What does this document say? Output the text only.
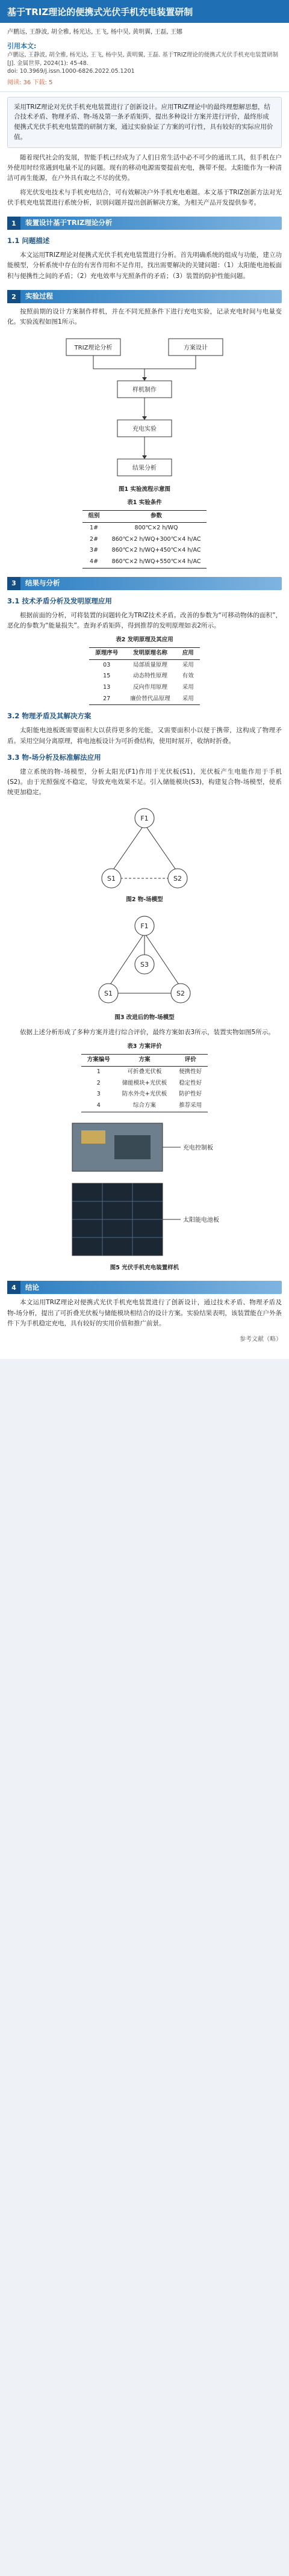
基于TRIZ理论的便携式光伏手机充电装置研制
卢鹏远, 王静波, 胡全雅, 杨光达, 王飞, 杨中昊, 黄明翼, 王磊, 王娜
引用本文:
卢鹏远, 王静波, 胡全雅, 杨光达, 王飞, 杨中昊, 黄明翼, 王磊. 基于TRIZ理论的便携式光伏手机充电装置研制[J]. 金属世界, 2024(1): 45-48.
doi: 10.3969/j.issn.1000-6826.2022.05.1201
阅读: 36 下载: 5
采用TRIZ理论对光伏手机充电装置进行了创新设计。应用TRIZ理论中的最终理想解思想，结合技术矛盾、物理矛盾、物-场及第一条矛盾矩阵，提出多种设计方案并进行评价，最终形成便携式光伏手机充电装置的研制方案，通过实验验证了方案的可行性，具有较好的实际应用价值。

随着现代社会的发展，智能手机已经成为了人们日常生活中必不可少的通讯工具，但手机在户外使用时经常遇到电量不足的问题。现有的移动电源需要提前充电，携带不便。太阳能作为一种清洁可再生能源，在户外具有取之不尽的优势。

将光伏发电技术与手机充电结合，可有效解决户外手机充电难题。本文基于TRIZ创新方法对光伏手机充电装置进行系统分析，识别问题并提出创新解决方案，为相关产品开发提供参考。

1	装置设计基于TRIZ理论分析
1.1 问题描述

本文运用TRIZ理论对便携式光伏手机充电装置进行分析。首先明确系统的组成与功能，建立功能模型，分析系统中存在的有害作用和不足作用，找出需要解决的关键问题：（1）太阳能电池板面积与便携性之间的矛盾；（2）充电效率与光照条件的矛盾；（3）装置的防护性能问题。

2	实验过程

按照前期的设计方案制作样机，并在不同光照条件下进行充电实验，记录充电时间与电量变化。实验流程如图1所示。

TRIZ理论分析	方案设计
样机制作
充电实验
结果分析
图1 实验流程示意图
表1 实验条件
组别	参数
1#	800℃×2 h/WQ
2#	860℃×2 h/WQ+300℃×4 h/AC
3#	860℃×2 h/WQ+450℃×4 h/AC
4#	860℃×2 h/WQ+550℃×4 h/AC
3	结果与分析
3.1 技术矛盾分析及发明原理应用

根据前面的分析，可将装置的问题转化为TRIZ技术矛盾。改善的参数为“可移动物体的面积”，恶化的参数为“能量损失”。查询矛盾矩阵，得到推荐的发明原理如表2所示。

表2 发明原理及其应用
原理序号	发明原理名称	应用
03	局部质量原理	采用
15	动态特性原理	有效
13	反向作用原理	采用
27	廉价替代品原理	采用
3.2 物理矛盾及其解决方案

太阳能电池板既需要面积大以获得更多的光能，又需要面积小以便于携带，这构成了物理矛盾。采用空间分离原理，将电池板设计为可折叠结构，使用时展开，收纳时折叠。

3.3 物-场分析及标准解法应用

建立系统的物-场模型，分析太阳光(F1)作用于光伏板(S1)，光伏板产生电能作用于手机(S2)。由于光照强度不稳定，导致充电效果不足。引入储能模块(S3)，构建复合物-场模型，使系统更加稳定。

F1
S1	S2
图2 物-场模型
F1
S1
S3
S2
图3 改进后的物-场模型

依据上述分析形成了多种方案并进行综合评价，最终方案如表3所示，装置实物如图5所示。

表3 方案评价
方案编号	方案	评价
1	可折叠光伏板	便携性好
2	储能模块+光伏板	稳定性好
3	防水外壳+光伏板	防护性好
4	综合方案	推荐采用
充电控制板
太阳能电池板
图5 光伏手机充电装置样机
4	结论

本文运用TRIZ理论对便携式光伏手机充电装置进行了创新设计，通过技术矛盾、物理矛盾及物-场分析，提出了可折叠光伏板与储能模块相结合的设计方案。实验结果表明，该装置能在户外条件下为手机稳定充电，具有较好的实用价值和推广前景。

参考文献（略）
